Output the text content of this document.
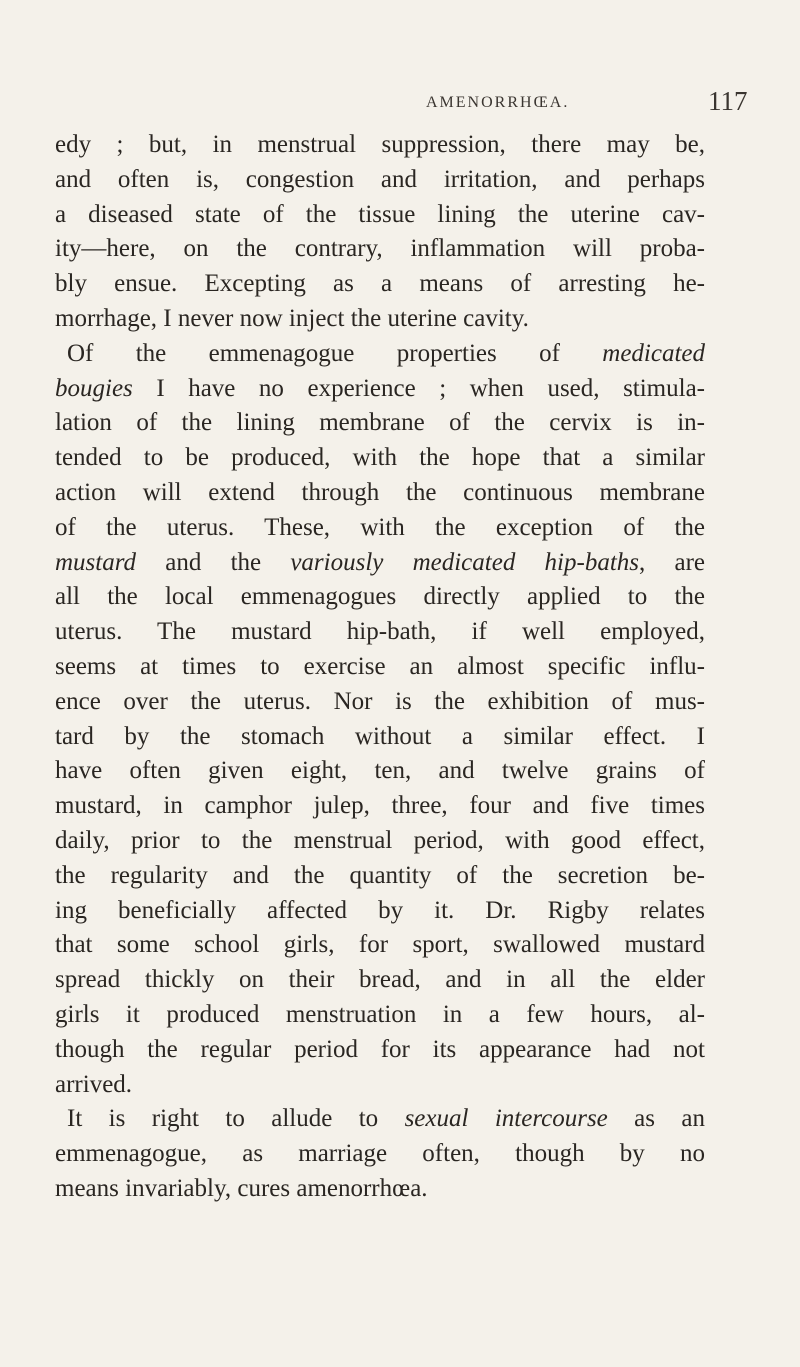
AMENORRHŒA.	117
edy ; but, in menstrual suppression, there may be,
and often is, congestion and irritation, and perhaps
a diseased state of the tissue lining the uterine cav-
ity—here, on the contrary, inflammation will proba-
bly ensue. Excepting as a means of arresting he-
morrhage, I never now inject the uterine cavity.
Of the emmenagogue properties of medicated
bougies I have no experience ; when used, stimula-
lation of the lining membrane of the cervix is in-
tended to be produced, with the hope that a similar
action will extend through the continuous membrane
of the uterus. These, with the exception of the
mustard and the variously medicated hip-baths, are
all the local emmenagogues directly applied to the
uterus. The mustard hip-bath, if well employed,
seems at times to exercise an almost specific influ-
ence over the uterus. Nor is the exhibition of mus-
tard by the stomach without a similar effect. I
have often given eight, ten, and twelve grains of
mustard, in camphor julep, three, four and five times
daily, prior to the menstrual period, with good effect,
the regularity and the quantity of the secretion be-
ing beneficially affected by it. Dr. Rigby relates
that some school girls, for sport, swallowed mustard
spread thickly on their bread, and in all the elder
girls it produced menstruation in a few hours, al-
though the regular period for its appearance had not
arrived.
It is right to allude to sexual intercourse as an
emmenagogue, as marriage often, though by no
means invariably, cures amenorrhœa.
